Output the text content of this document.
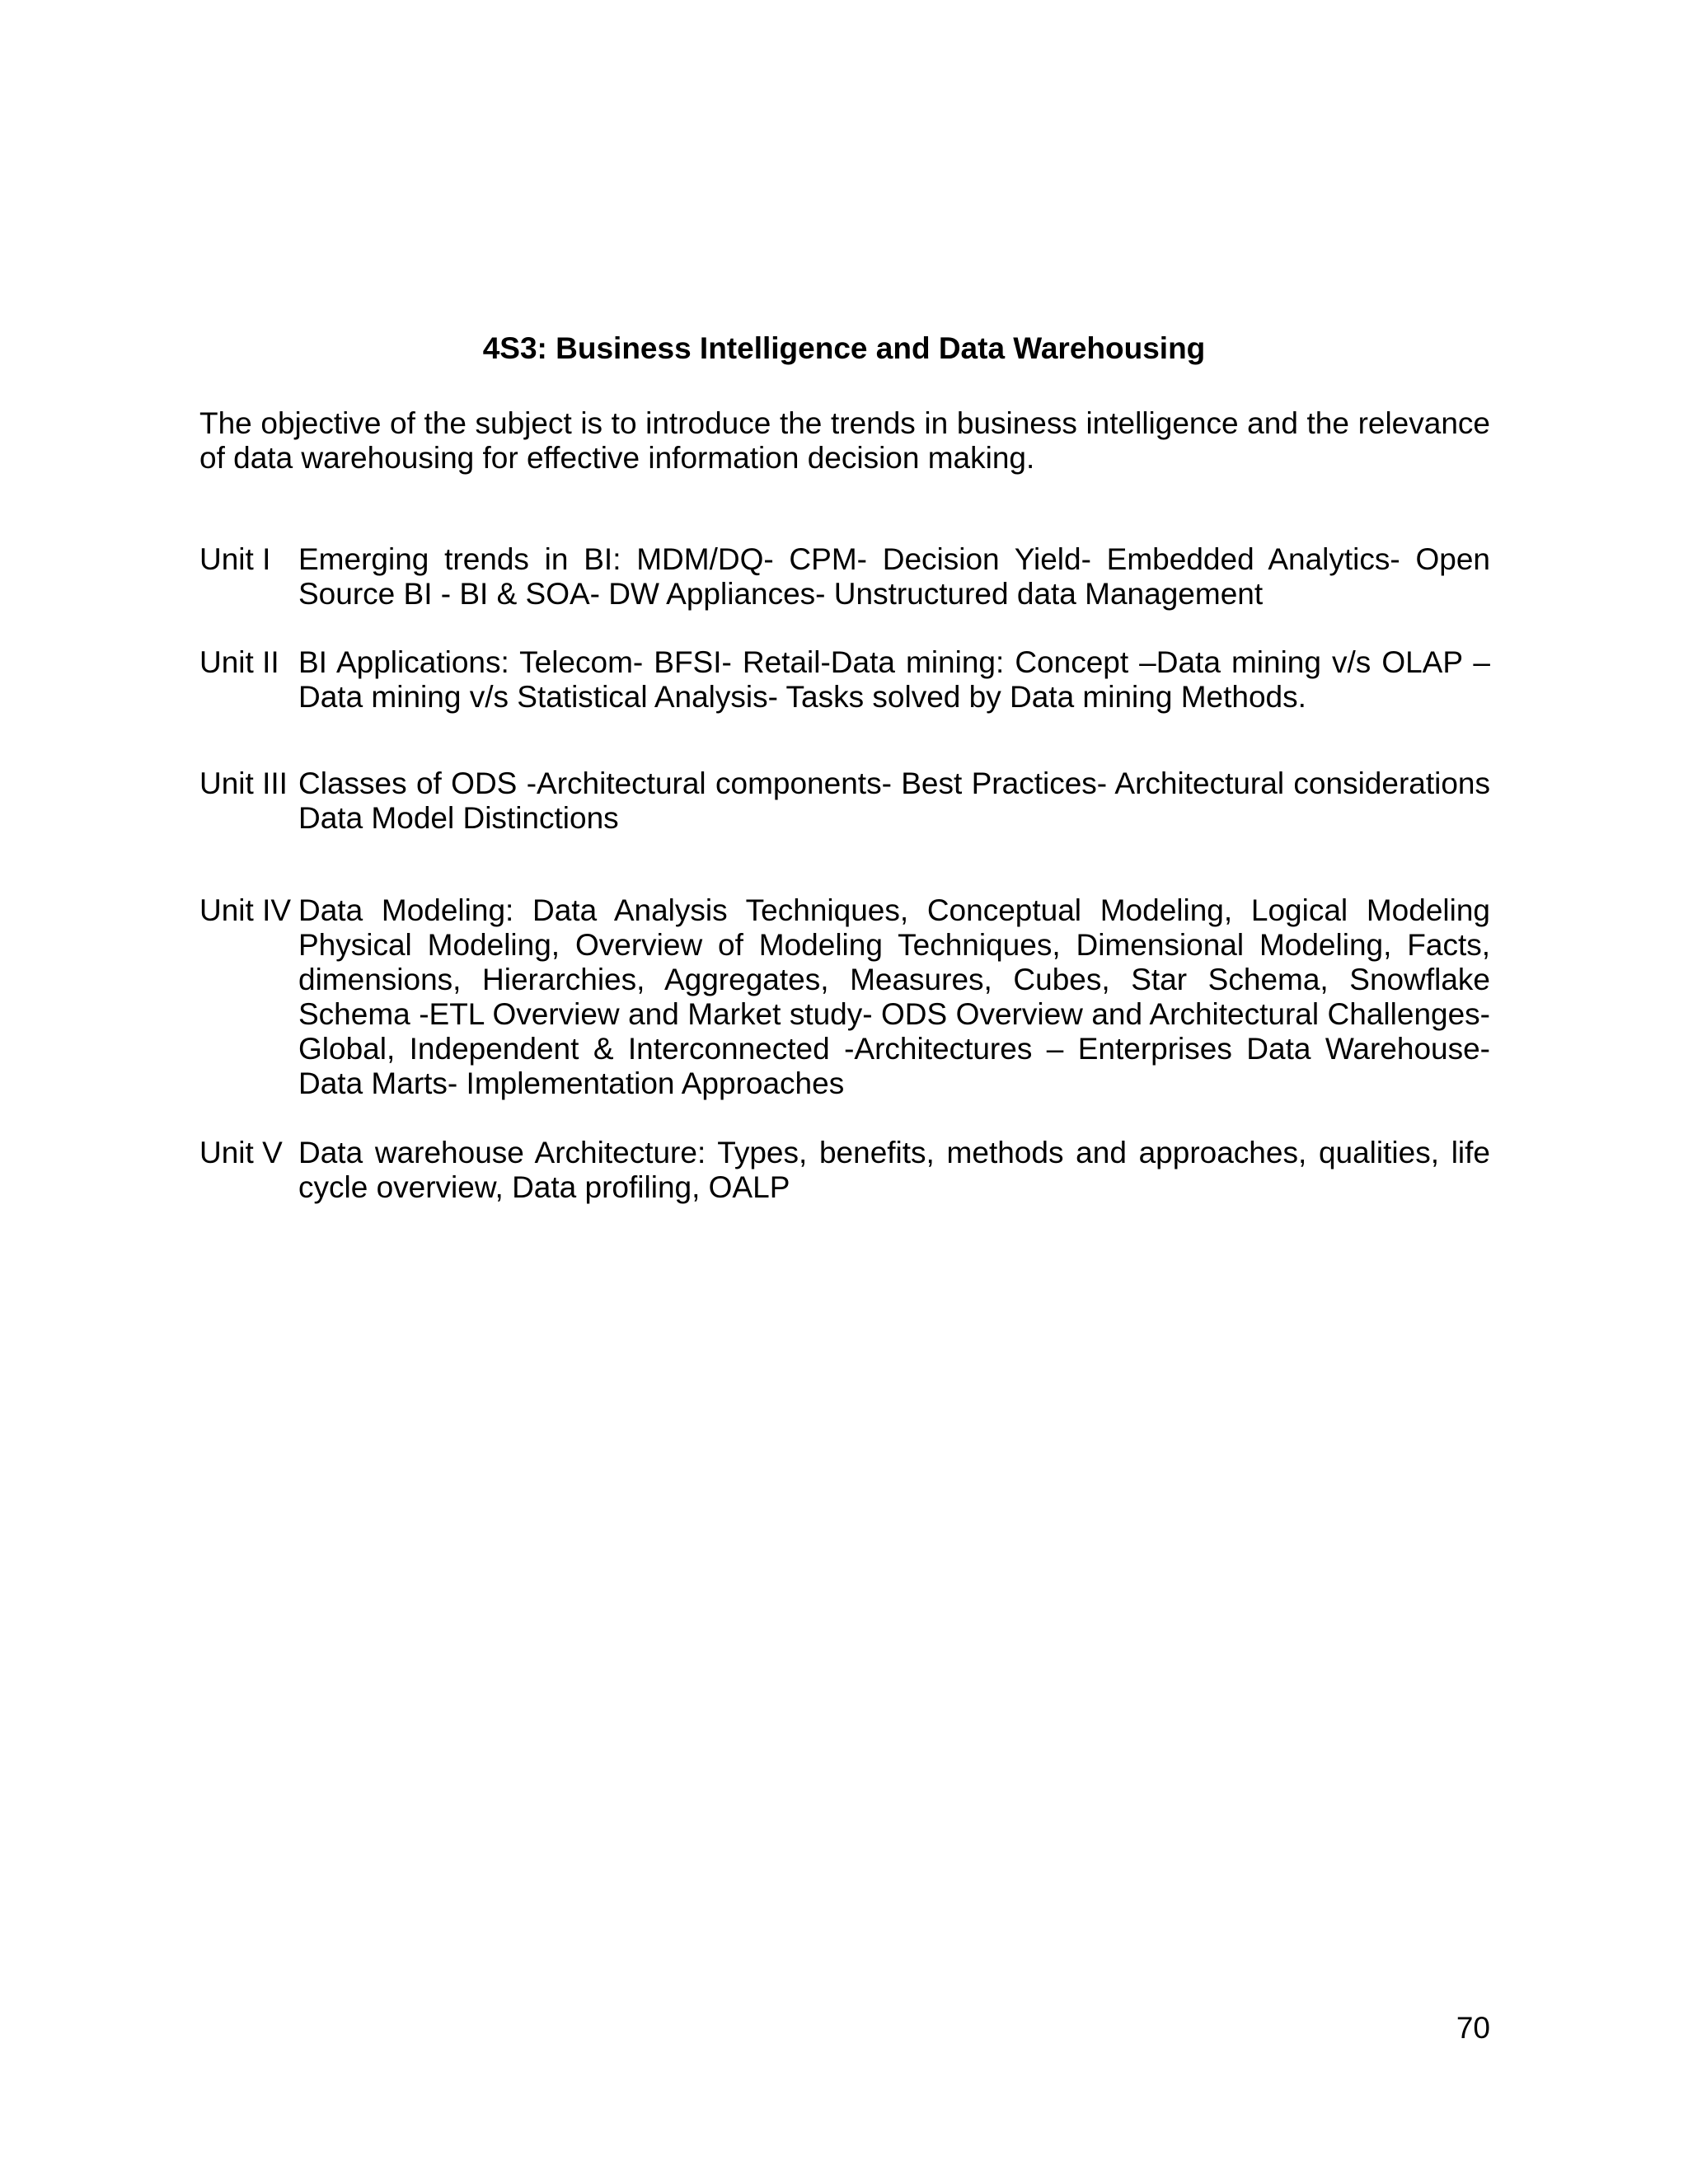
4S3: Business Intelligence and Data Warehousing
The objective of the subject is to introduce the trends in business intelligence and the relevance of data warehousing for effective information decision making.
Unit I Emerging trends in BI: MDM/DQ- CPM- Decision Yield- Embedded Analytics- Open Source BI - BI & SOA- DW Appliances- Unstructured data Management
Unit II BI Applications: Telecom- BFSI- Retail-Data mining: Concept –Data mining v/s OLAP – Data mining v/s Statistical Analysis- Tasks solved by Data mining Methods.
Unit III Classes of ODS -Architectural components- Best Practices- Architectural considerations Data Model Distinctions
Unit IV Data Modeling: Data Analysis Techniques, Conceptual Modeling, Logical Modeling Physical Modeling, Overview of Modeling Techniques, Dimensional Modeling, Facts, dimensions, Hierarchies, Aggregates, Measures, Cubes, Star Schema, Snowflake Schema -ETL Overview and Market study- ODS Overview and Architectural Challenges- Global, Independent & Interconnected -Architectures – Enterprises Data Warehouse- Data Marts- Implementation Approaches
Unit V Data warehouse Architecture: Types, benefits, methods and approaches, qualities, life cycle overview, Data profiling, OALP
70
